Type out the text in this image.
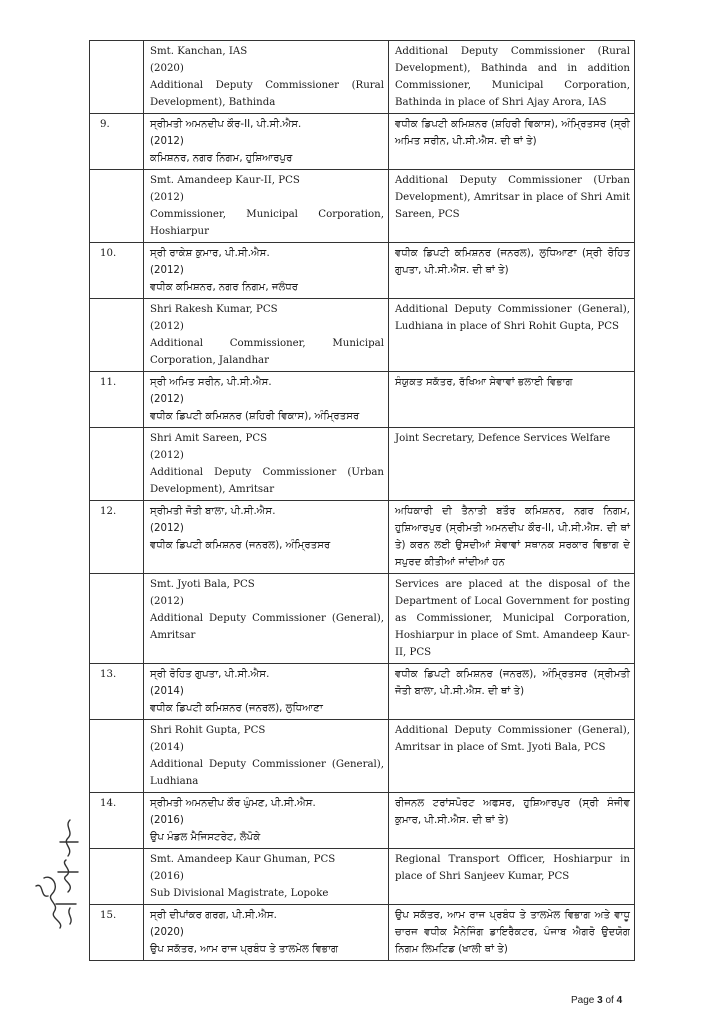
	Smt. Kanchan, IAS
(2020)
Additional Deputy Commissioner (Rural Development), Bathinda	Additional Deputy Commissioner (Rural Development), Bathinda and in addition Commissioner, Municipal Corporation, Bathinda in place of Shri Ajay Arora, IAS
9.	ਸ੍ਰੀਮਤੀ ਅਮਨਦੀਪ ਕੌਰ-II, ਪੀ.ਸੀ.ਐਸ.
(2012)
ਕਮਿਸ਼ਨਰ, ਨਗਰ ਨਿਗਮ, ਹੁਸ਼ਿਆਰਪੁਰ	ਵਧੀਕ ਡਿਪਟੀ ਕਮਿਸ਼ਨਰ (ਸ਼ਹਿਰੀ ਵਿਕਾਸ), ਅੰਮ੍ਰਿਤਸਰ (ਸ੍ਰੀ ਅਮਿਤ ਸਰੀਨ, ਪੀ.ਸੀ.ਐਸ. ਦੀ ਥਾਂ ਤੇ)

	Smt. Amandeep Kaur-II, PCS
(2012)
Commissioner, Municipal Corporation, Hoshiarpur	Additional Deputy Commissioner (Urban Development), Amritsar in place of Shri Amit Sareen, PCS
10.	ਸ੍ਰੀ ਰਾਕੇਸ਼ ਕੁਮਾਰ, ਪੀ.ਸੀ.ਐਸ.
(2012)
ਵਧੀਕ ਕਮਿਸ਼ਨਰ, ਨਗਰ ਨਿਗਮ, ਜਲੰਧਰ	ਵਧੀਕ ਡਿਪਟੀ ਕਮਿਸ਼ਨਰ (ਜਨਰਲ), ਲੁਧਿਆਣਾ (ਸ੍ਰੀ ਰੋਹਿਤ ਗੁਪਤਾ, ਪੀ.ਸੀ.ਐਸ. ਦੀ ਥਾਂ ਤੇ)

	Shri Rakesh Kumar, PCS
(2012)
Additional Commissioner, Municipal Corporation, Jalandhar	Additional Deputy Commissioner (General), Ludhiana in place of Shri Rohit Gupta, PCS
11.	ਸ੍ਰੀ ਅਮਿਤ ਸਰੀਨ, ਪੀ.ਸੀ.ਐਸ.
(2012)
ਵਧੀਕ ਡਿਪਟੀ ਕਮਿਸ਼ਨਰ (ਸ਼ਹਿਰੀ ਵਿਕਾਸ), ਅੰਮ੍ਰਿਤਸਰ	ਸੰਯੁਕਤ ਸਕੱਤਰ, ਰੱਖਿਆ ਸੇਵਾਵਾਂ ਭਲਾਈ ਵਿਭਾਗ

	Shri Amit Sareen, PCS
(2012)
Additional Deputy Commissioner (Urban Development), Amritsar	Joint Secretary, Defence Services Welfare
12.	ਸ੍ਰੀਮਤੀ ਜੋਤੀ ਬਾਲਾ, ਪੀ.ਸੀ.ਐਸ.
(2012)
ਵਧੀਕ ਡਿਪਟੀ ਕਮਿਸ਼ਨਰ (ਜਨਰਲ), ਅੰਮ੍ਰਿਤਸਰ	ਅਧਿਕਾਰੀ ਦੀ ਤੈਨਾਤੀ ਬਤੌਰ ਕਮਿਸ਼ਨਰ, ਨਗਰ ਨਿਗਮ, ਹੁਸ਼ਿਆਰਪੁਰ (ਸ੍ਰੀਮਤੀ ਅਮਨਦੀਪ ਕੌਰ-II, ਪੀ.ਸੀ.ਐਸ. ਦੀ ਥਾਂ ਤੇ) ਕਰਨ ਲਈ ਉਸਦੀਆਂ ਸੇਵਾਵਾਂ ਸਥਾਨਕ ਸਰਕਾਰ ਵਿਭਾਗ ਦੇ ਸਪੁਰਦ ਕੀਤੀਆਂ ਜਾਂਦੀਆਂ ਹਨ

	Smt. Jyoti Bala, PCS
(2012)
Additional Deputy Commissioner (General), Amritsar	Services are placed at the disposal of the Department of Local Government for posting as Commissioner, Municipal Corporation, Hoshiarpur in place of Smt. Amandeep Kaur-II, PCS
13.	ਸ੍ਰੀ ਰੋਹਿਤ ਗੁਪਤਾ, ਪੀ.ਸੀ.ਐਸ.
(2014)
ਵਧੀਕ ਡਿਪਟੀ ਕਮਿਸ਼ਨਰ (ਜਨਰਲ), ਲੁਧਿਆਣਾ	ਵਧੀਕ ਡਿਪਟੀ ਕਮਿਸ਼ਨਰ (ਜਨਰਲ), ਅੰਮ੍ਰਿਤਸਰ (ਸ੍ਰੀਮਤੀ ਜੋਤੀ ਬਾਲਾ, ਪੀ.ਸੀ.ਐਸ. ਦੀ ਥਾਂ ਤੇ)

	Shri Rohit Gupta, PCS
(2014)
Additional Deputy Commissioner (General), Ludhiana	Additional Deputy Commissioner (General), Amritsar in place of Smt. Jyoti Bala, PCS
14.	ਸ੍ਰੀਮਤੀ ਅਮਨਦੀਪ ਕੌਰ ਘੁੰਮਣ, ਪੀ.ਸੀ.ਐਸ.
(2016)
ਉਪ ਮੰਡਲ ਮੈਜਿਸਟਰੇਟ, ਲੋਪੋਕੇ	ਰੀਜਨਲ ਟਰਾਂਸਪੋਰਟ ਅਫਸਰ, ਹੁਸ਼ਿਆਰਪੁਰ (ਸ੍ਰੀ ਸੰਜੀਵ ਕੁਮਾਰ, ਪੀ.ਸੀ.ਐਸ. ਦੀ ਥਾਂ ਤੇ)

	Smt. Amandeep Kaur Ghuman, PCS
(2016)
Sub Divisional Magistrate, Lopoke	Regional Transport Officer, Hoshiarpur in place of Shri Sanjeev Kumar, PCS
15.	ਸ੍ਰੀ ਦੀਪਾਂਕਰ ਗਰਗ, ਪੀ.ਸੀ.ਐਸ.
(2020)
ਉਪ ਸਕੱਤਰ, ਆਮ ਰਾਜ ਪ੍ਰਬੰਧ ਤੇ ਤਾਲਮੇਲ ਵਿਭਾਗ	ਉਪ ਸਕੱਤਰ, ਆਮ ਰਾਜ ਪ੍ਰਬੰਧ ਤੇ ਤਾਲਮੇਲ ਵਿਭਾਗ ਅਤੇ ਵਾਧੂ ਚਾਰਜ ਵਧੀਕ ਮੈਨੇਜਿੰਗ ਡਾਇਰੈਕਟਰ, ਪੰਜਾਬ ਐਗਰੋ ਉਦਯੋਗ ਨਿਗਮ ਲਿਮਟਿਡ (ਖਾਲੀ ਥਾਂ ਤੇ)
Page 3 of 4
